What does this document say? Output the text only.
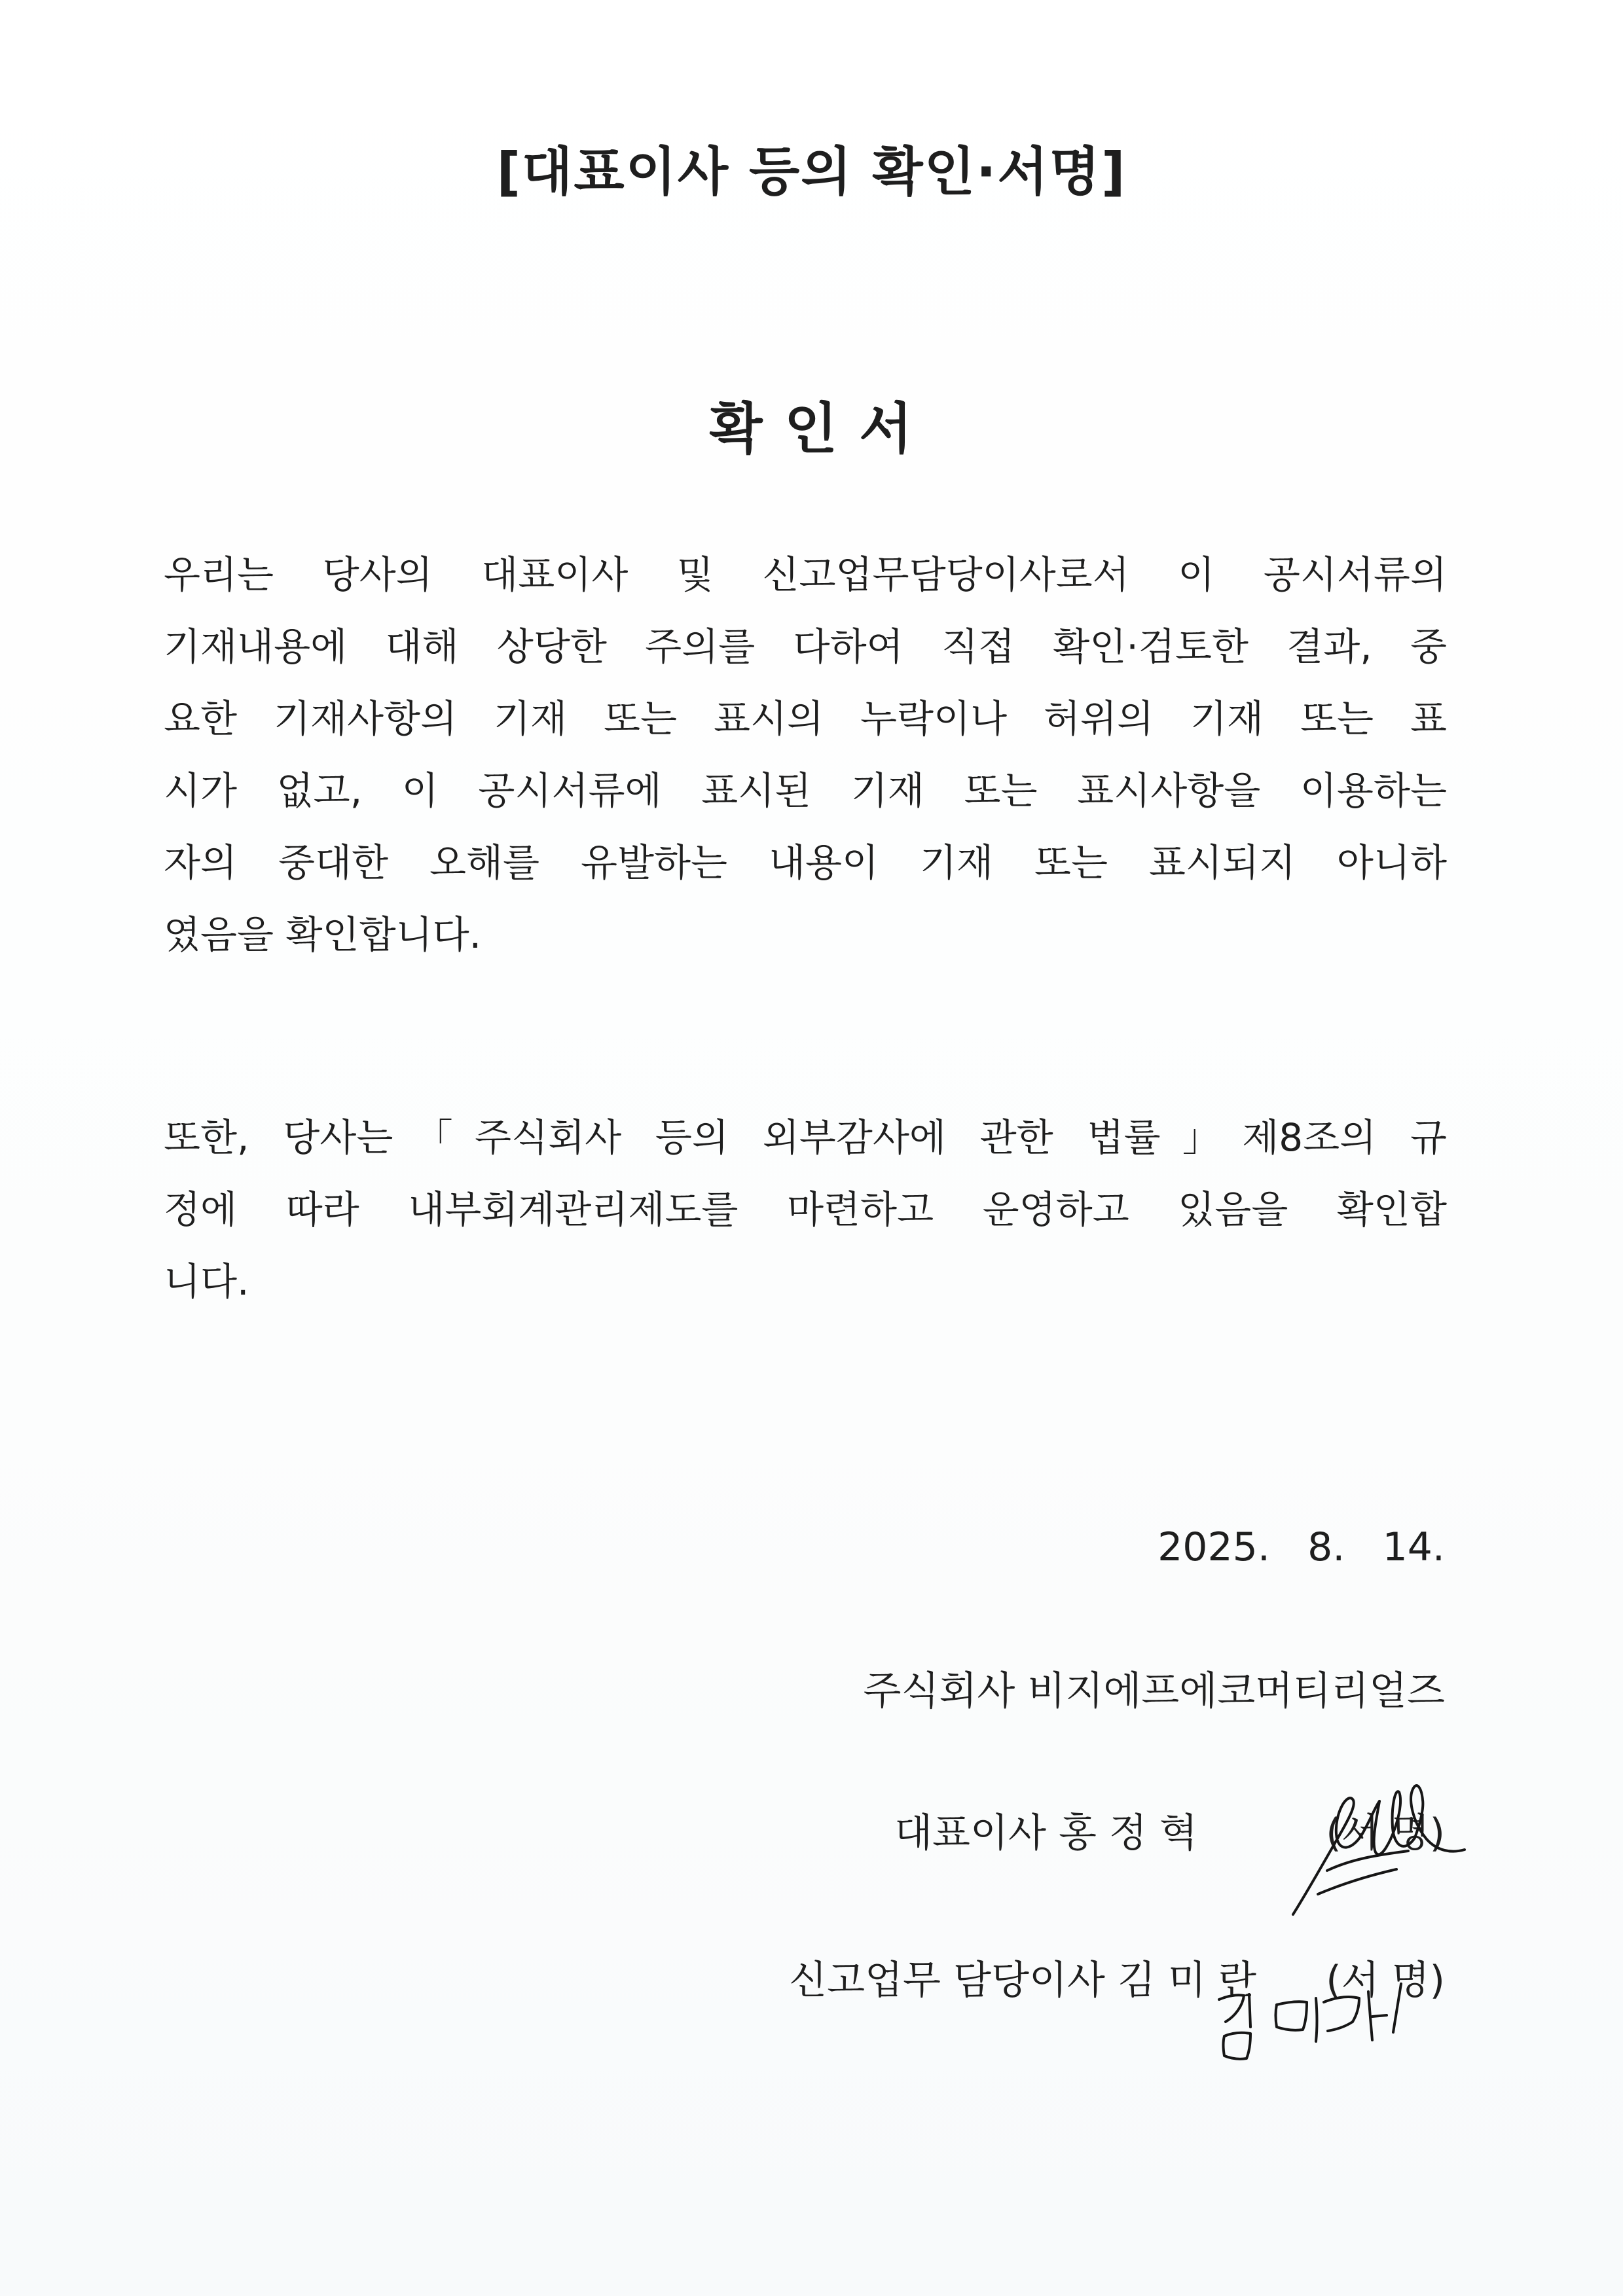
[대표이사 등의 확인·서명]
확 인 서
우리는 당사의 대표이사 및 신고업무담당이사로서 이 공시서류의
기재내용에 대해 상당한 주의를 다하여 직접 확인·검토한 결과, 중
요한 기재사항의 기재 또는 표시의 누락이나 허위의 기재 또는 표
시가 없고, 이 공시서류에 표시된 기재 또는 표시사항을 이용하는
자의 중대한 오해를 유발하는 내용이 기재 또는 표시되지 아니하
였음을 확인합니다.
또한, 당사는「주식회사 등의 외부감사에 관한 법률」제8조의 규
정에 따라 내부회계관리제도를 마련하고 운영하고 있음을 확인합
니다.
2025.   8.   14.
주식회사 비지에프에코머티리얼즈
대표이사 홍 정 혁	(서 명)
신고업무 담당이사 김 미 란 (서 명)
